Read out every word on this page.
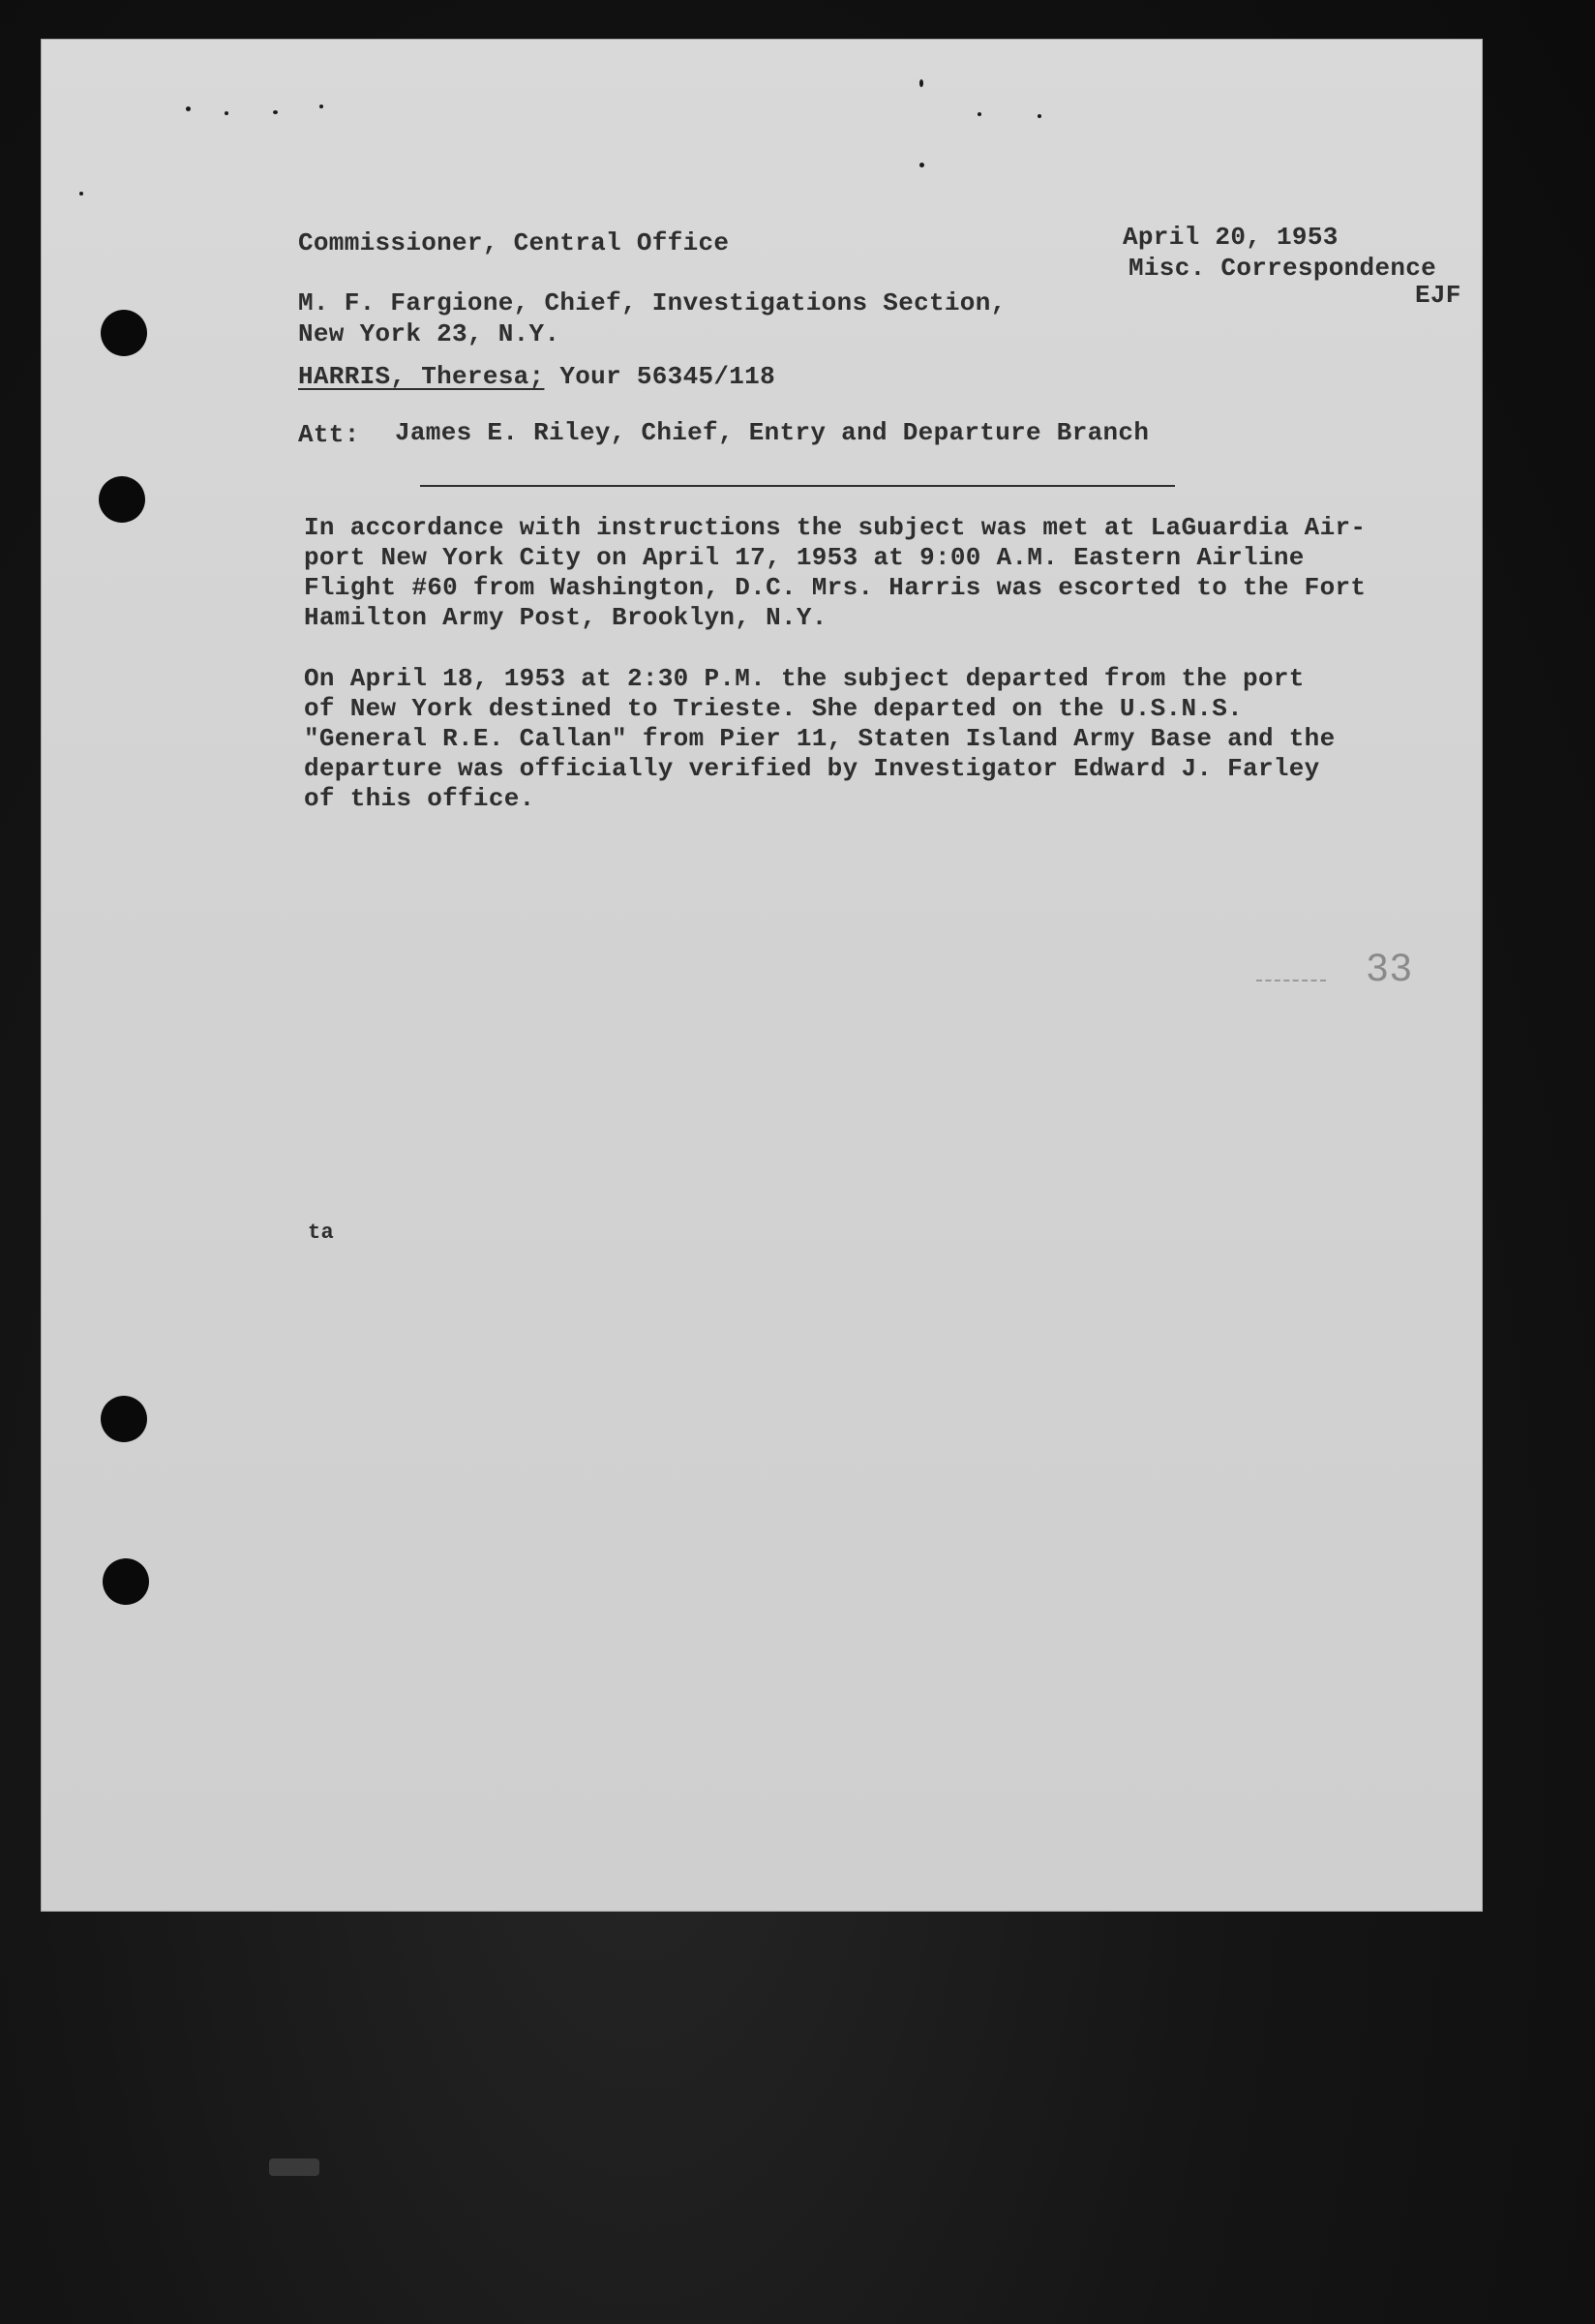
Commissioner, Central Office	April 20, 1953
Misc. Correspondence
EJF
M. F. Fargione, Chief, Investigations Section,
New York 23, N.Y.
HARRIS, Theresa; Your 56345/118
Att: James E. Riley, Chief, Entry and Departure Branch
In accordance with instructions the subject was met at LaGuardia Air-
port New York City on April 17, 1953 at 9:00 A.M. Eastern Airline
Flight #60 from Washington, D.C. Mrs. Harris was escorted to the Fort
Hamilton Army Post, Brooklyn, N.Y.
On April 18, 1953 at 2:30 P.M. the subject departed from the port
of New York destined to Trieste. She departed on the U.S.N.S.
"General R.E. Callan" from Pier 11, Staten Island Army Base and the
departure was officially verified by Investigator Edward J. Farley
of this office.
33
ta
